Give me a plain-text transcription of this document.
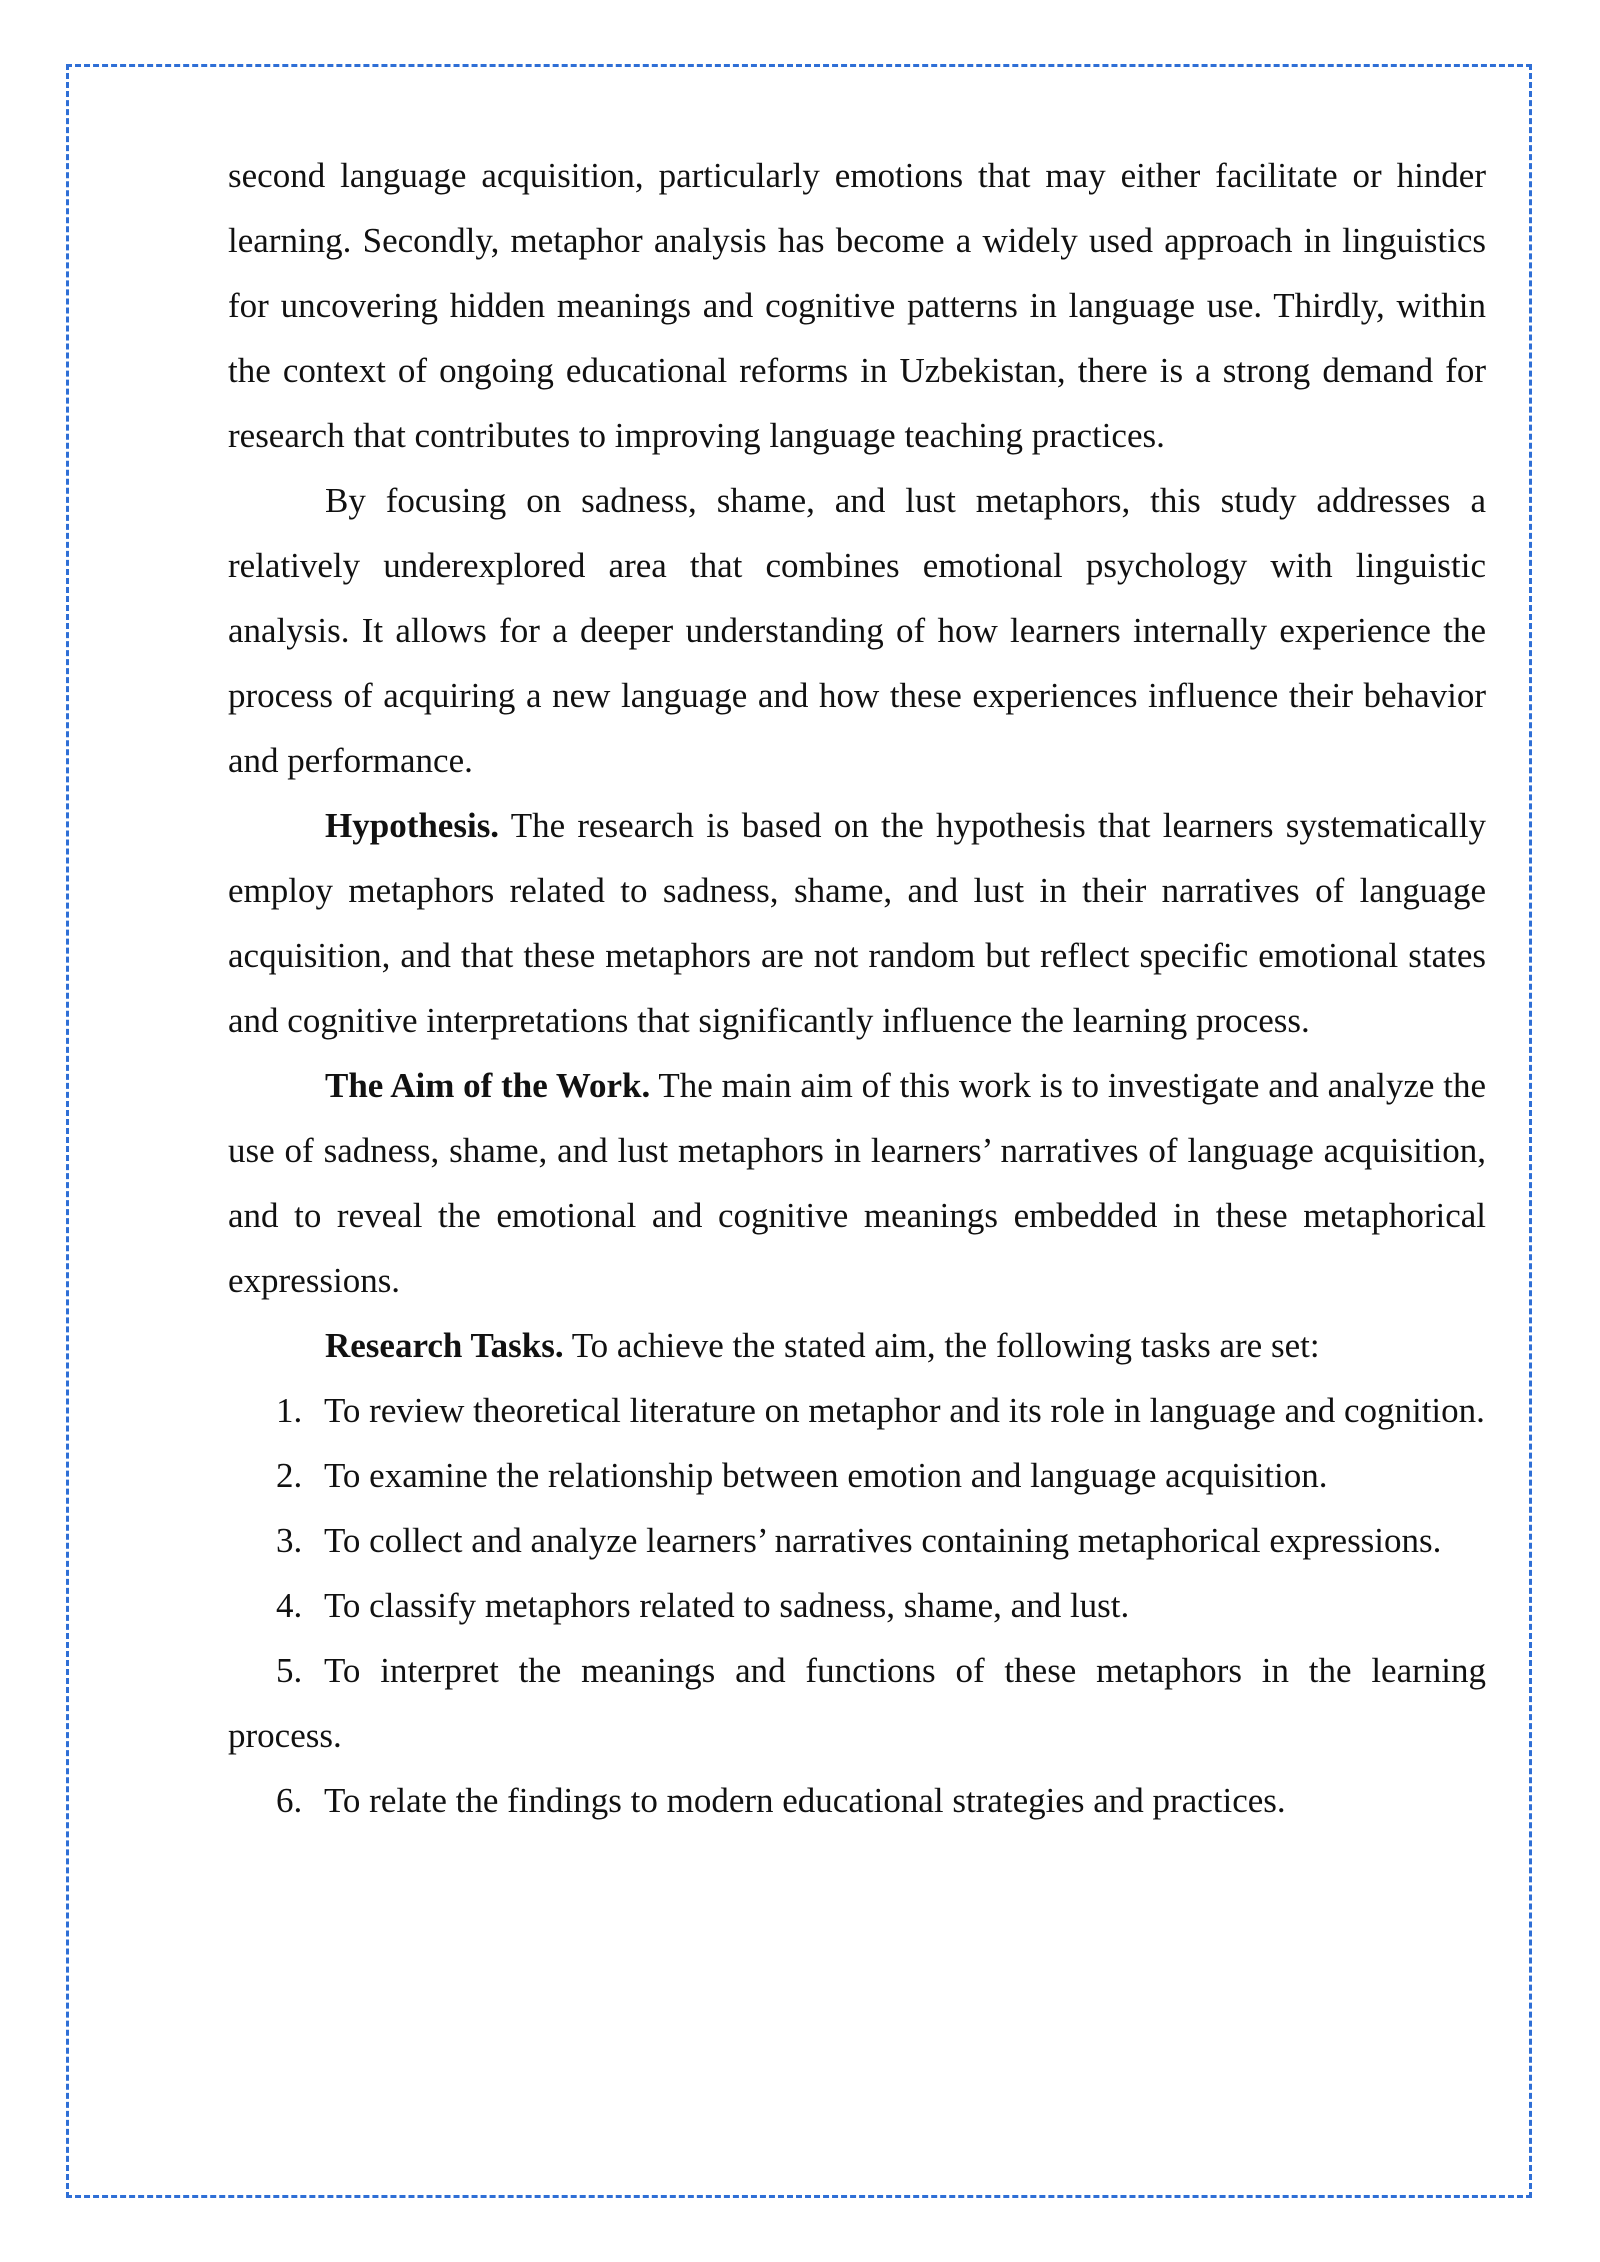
second language acquisition, particularly emotions that may either facilitate or hinder learning. Secondly, metaphor analysis has become a widely used approach in linguistics for uncovering hidden meanings and cognitive patterns in language use. Thirdly, within the context of ongoing educational reforms in Uzbekistan, there is a strong demand for research that contributes to improving language teaching practices.

By focusing on sadness, shame, and lust metaphors, this study addresses a relatively underexplored area that combines emotional psychology with linguistic analysis. It allows for a deeper understanding of how learners internally experience the process of acquiring a new language and how these experiences influence their behavior and performance.

Hypothesis. The research is based on the hypothesis that learners systematically employ metaphors related to sadness, shame, and lust in their narratives of language acquisition, and that these metaphors are not random but reflect specific emotional states and cognitive interpretations that significantly influence the learning process.

The Aim of the Work. The main aim of this work is to investigate and analyze the use of sadness, shame, and lust metaphors in learners’ narratives of language acquisition, and to reveal the emotional and cognitive meanings embedded in these metaphorical expressions.

Research Tasks. To achieve the stated aim, the following tasks are set:

1. To review theoretical literature on metaphor and its role in language and cognition.

2. To examine the relationship between emotion and language acquisition.

3. To collect and analyze learners’ narratives containing metaphorical expressions.

4. To classify metaphors related to sadness, shame, and lust.

5. To interpret the meanings and functions of these metaphors in the learning process.

6. To relate the findings to modern educational strategies and practices.
